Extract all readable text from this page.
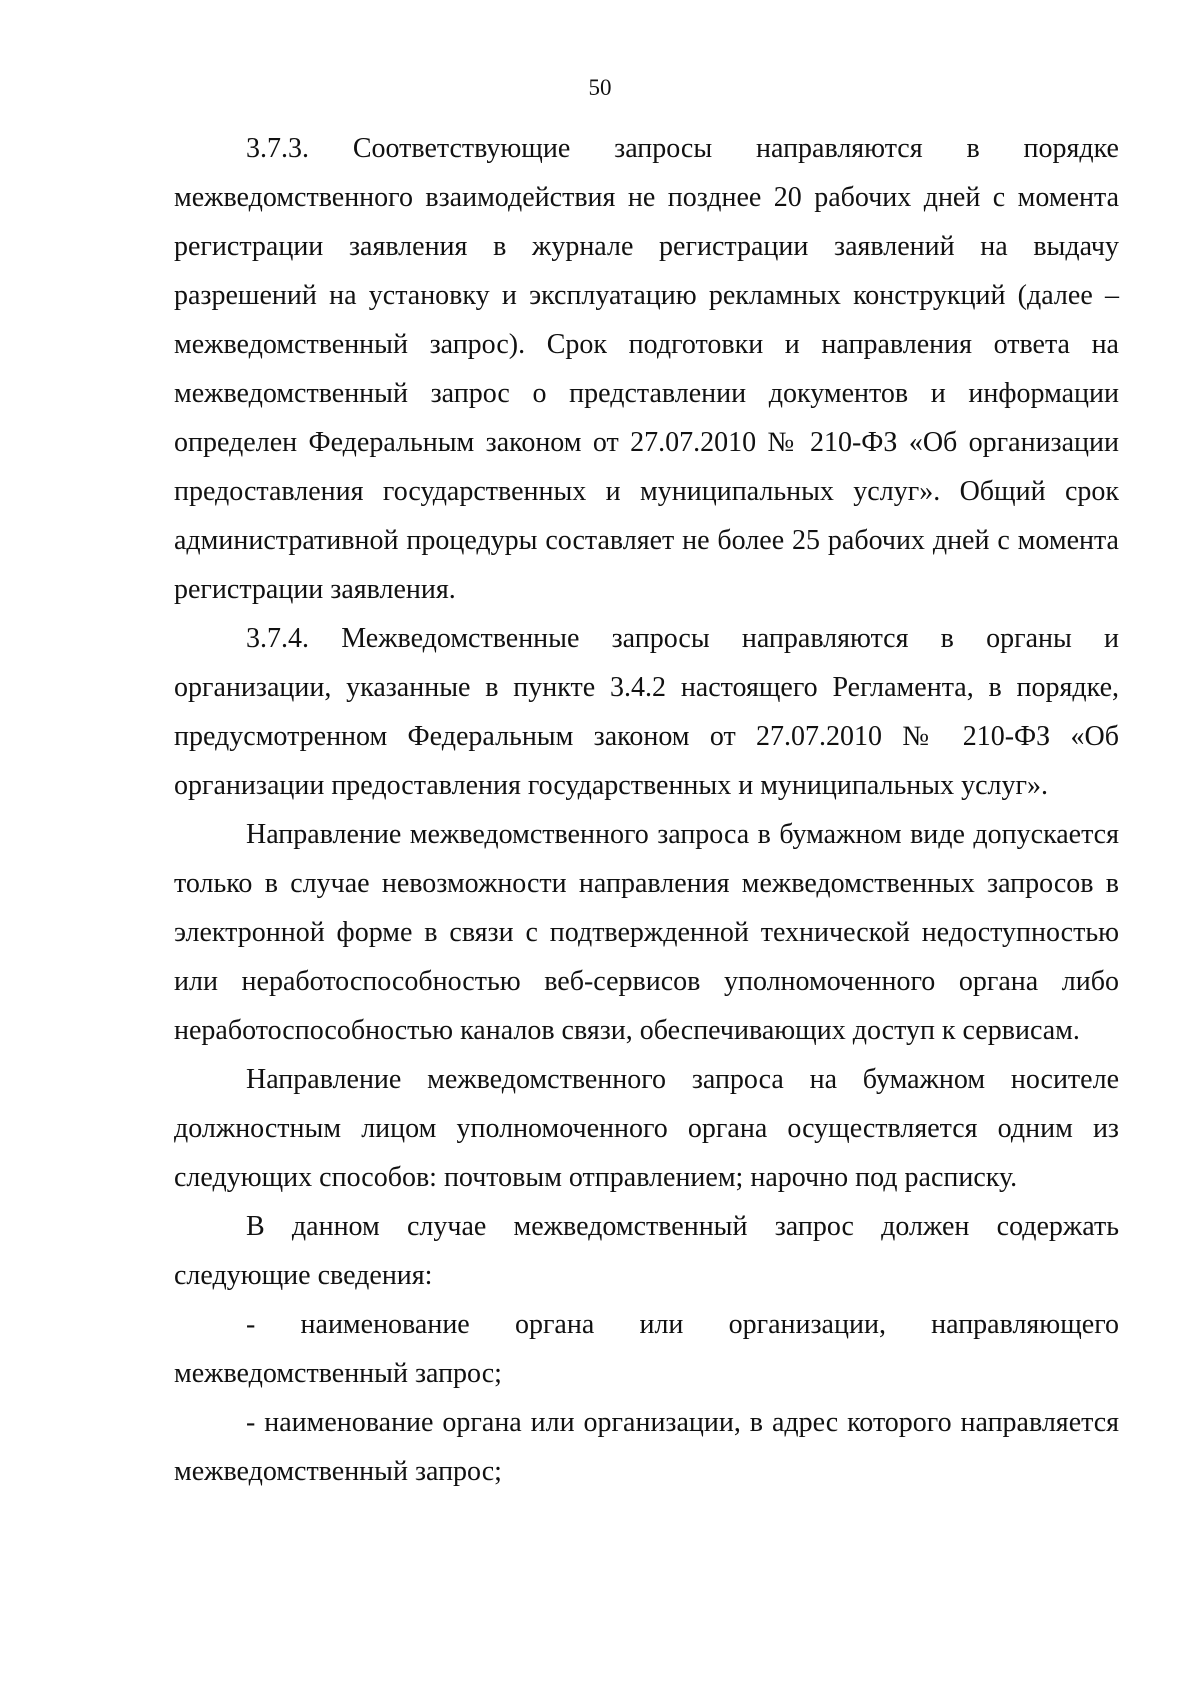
50

3.7.3. Соответствующие запросы направляются в порядке межведомственного взаимодействия не позднее 20 рабочих дней с момента регистрации заявления в журнале регистрации заявлений на выдачу разрешений на установку и эксплуатацию рекламных конструкций (далее – межведомственный запрос). Срок подготовки и направления ответа на межведомственный запрос о представлении документов и информации определен Федеральным законом от 27.07.2010 № 210-ФЗ «Об организации предоставления государственных и муниципальных услуг». Общий срок административной процедуры составляет не более 25 рабочих дней с момента регистрации заявления.

3.7.4. Межведомственные запросы направляются в органы и организации, указанные в пункте 3.4.2 настоящего Регламента, в порядке, предусмотренном Федеральным законом от 27.07.2010 № 210-ФЗ «Об организации предоставления государственных и муниципальных услуг».

Направление межведомственного запроса в бумажном виде допускается только в случае невозможности направления межведомственных запросов в электронной форме в связи с подтвержденной технической недоступностью или неработоспособностью веб-сервисов уполномоченного органа либо неработоспособностью каналов связи, обеспечивающих доступ к сервисам.

Направление межведомственного запроса на бумажном носителе должностным лицом уполномоченного органа осуществляется одним из следующих способов: почтовым отправлением; нарочно под расписку.

В данном случае межведомственный запрос должен содержать следующие сведения:

- наименование органа или организации, направляющего межведомственный запрос;

- наименование органа или организации, в адрес которого направляется межведомственный запрос;
